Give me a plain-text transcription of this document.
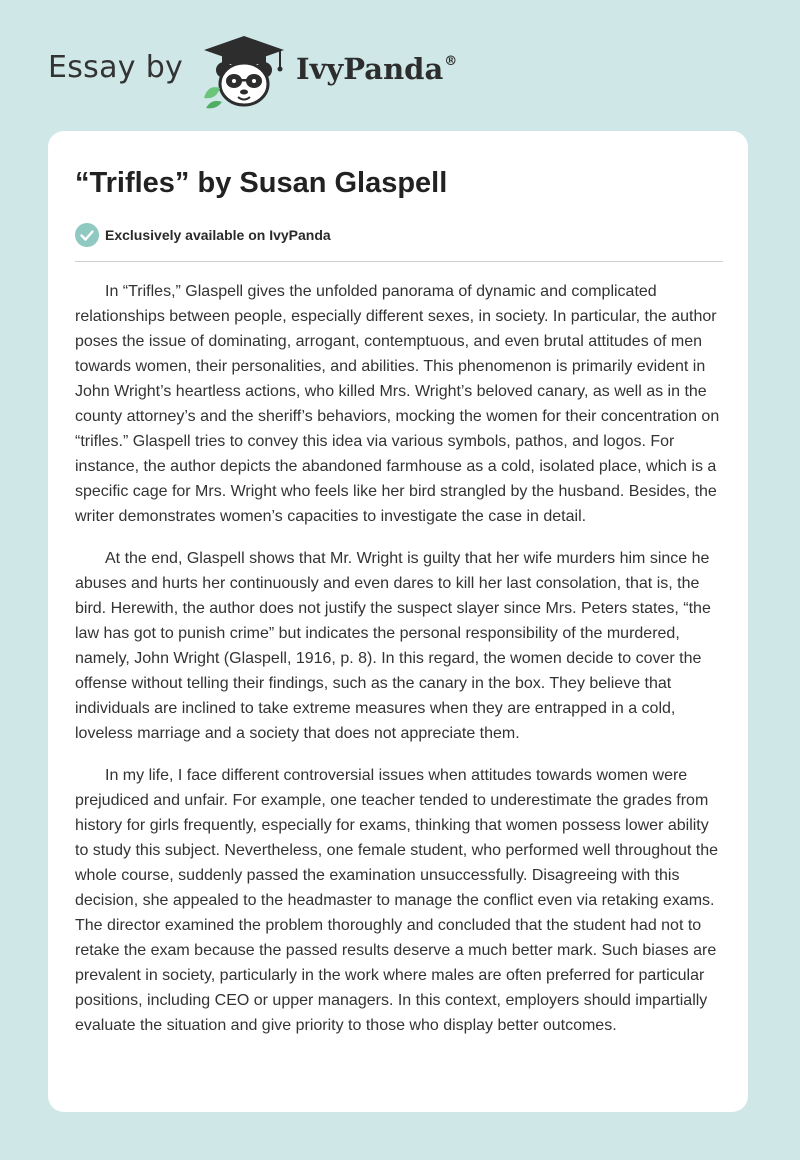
Essay by	IvyPanda®
“Trifles” by Susan Glaspell
Exclusively available on IvyPanda

In “Trifles,” Glaspell gives the unfolded panorama of dynamic and complicated relationships between people, especially different sexes, in society. In particular, the author poses the issue of dominating, arrogant, contemptuous, and even brutal attitudes of men towards women, their personalities, and abilities. This phenomenon is primarily evident in John Wright’s heartless actions, who killed Mrs. Wright’s beloved canary, as well as in the county attorney’s and the sheriff’s behaviors, mocking the women for their concentration on “trifles.” Glaspell tries to convey this idea via various symbols, pathos, and logos. For instance, the author depicts the abandoned farmhouse as a cold, isolated place, which is a specific cage for Mrs. Wright who feels like her bird strangled by the husband. Besides, the writer demonstrates women’s capacities to investigate the case in detail.

At the end, Glaspell shows that Mr. Wright is guilty that her wife murders him since he abuses and hurts her continuously and even dares to kill her last consolation, that is, the bird. Herewith, the author does not justify the suspect slayer since Mrs. Peters states, “the law has got to punish crime” but indicates the personal responsibility of the murdered, namely, John Wright (Glaspell, 1916, p. 8). In this regard, the women decide to cover the offense without telling their findings, such as the canary in the box. They believe that individuals are inclined to take extreme measures when they are entrapped in a cold, loveless marriage and a society that does not appreciate them.

In my life, I face different controversial issues when attitudes towards women were prejudiced and unfair. For example, one teacher tended to underestimate the grades from history for girls frequently, especially for exams, thinking that women possess lower ability to study this subject. Nevertheless, one female student, who performed well throughout the whole course, suddenly passed the examination unsuccessfully. Disagreeing with this decision, she appealed to the headmaster to manage the conflict even via retaking exams. The director examined the problem thoroughly and concluded that the student had not to retake the exam because the passed results deserve a much better mark. Such biases are prevalent in society, particularly in the work where males are often preferred for particular positions, including CEO or upper managers. In this context, employers should impartially evaluate the situation and give priority to those who display better outcomes.
